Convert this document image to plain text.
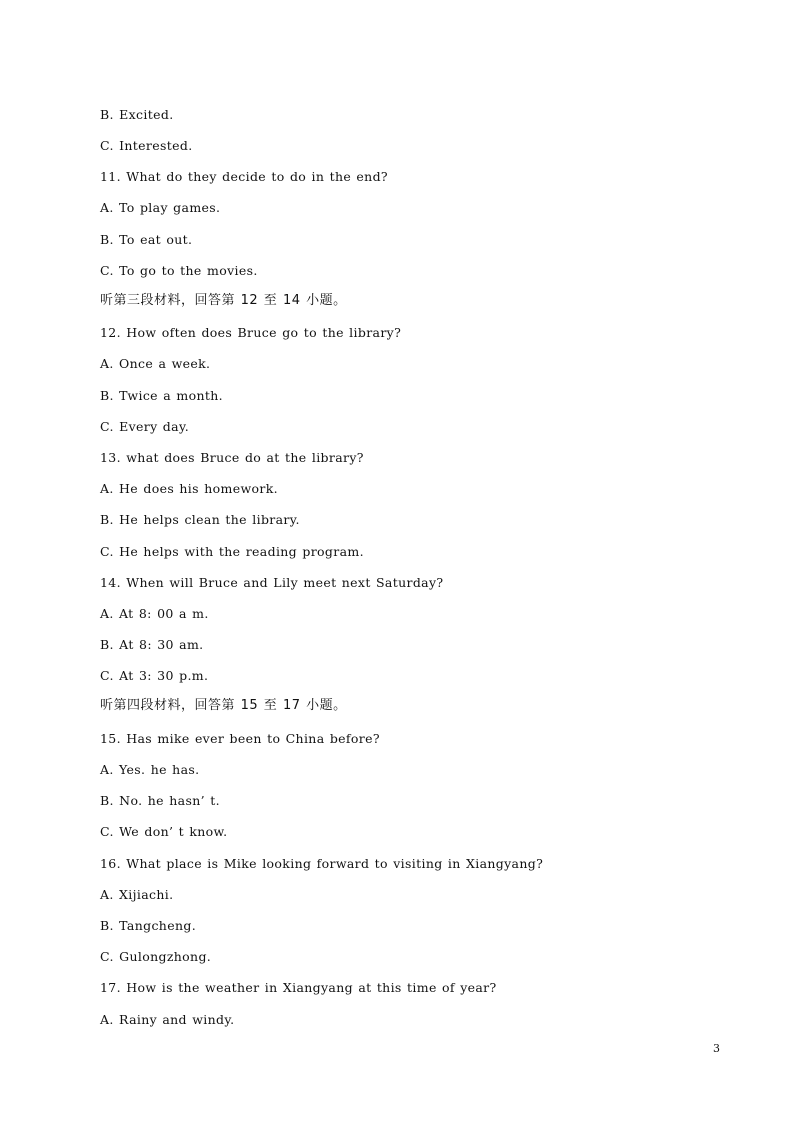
B. Excited.
C. Interested.
11. What do they decide to do in the end?
A. To play games.
B. To eat out.
C. To go to the movies.
听第三段材料，回答第 12 至 14 小题。
12. How often does Bruce go to the library?
A. Once a week.
B. Twice a month.
C. Every day.
13. what does Bruce do at the library?
A. He does his homework.
B. He helps clean the library.
C. He helps with the reading program.
14. When will Bruce and Lily meet next Saturday?
A. At 8: 00 a m.
B. At 8: 30 am.
C. At 3: 30 p.m.
听第四段材料，回答第 15 至 17 小题。
15. Has mike ever been to China before?
A. Yes. he has.
B. No. he hasn’ t.
C. We don’ t know.
16. What place is Mike looking forward to visiting in Xiangyang?
A. Xijiachi.
B. Tangcheng.
C. Gulongzhong.
17. How is the weather in Xiangyang at this time of year?
A. Rainy and windy.
3
